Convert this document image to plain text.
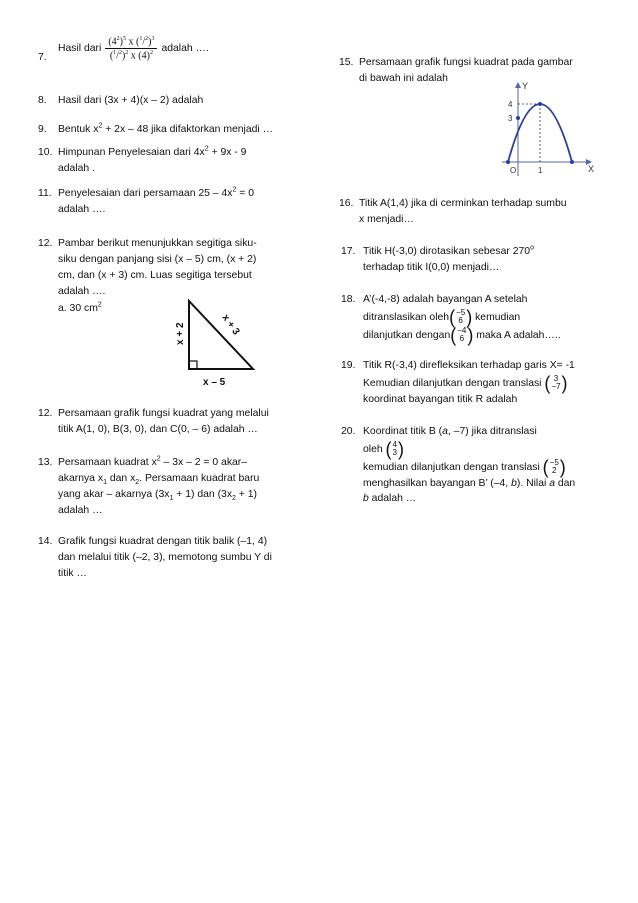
7.
Hasil dari $\frac{(4^2)^5 x (^1/^2)^3}{(^1/^2)^2 x (4)^2}$ adalah ….
8. Hasil dari (3x + 4)(x – 2) adalah
9. Bentuk $x^2 + 2x - 48$ jika difaktorkan menjadi …
10. Himpunan Penyelesaian dari $4x^2 + 9x - 9$
adalah .
11. Penyelesaian dari persamaan $25 - 4x^2 = 0$
adalah ….
12. Pambar berikut menunjukkan segitiga siku-
siku dengan panjang sisi (x – 5) cm, (x + 2)
cm, dan (x + 3) cm. Luas segitiga tersebut
adalah ….
a. 30 $cm^2$
x + 2	x + 3
x – 5
12. Persamaan grafik fungsi kuadrat yang melalui
titik A(1, 0), B(3, 0), dan C(0, – 6) adalah …
13. Persamaan kuadrat $x^2 - 3x - 2 = 0$ akar–
akarnya $x_1$ dan $x_2$. Persamaan kuadrat baru
yang akar – akarnya $(3x_1 + 1)$ dan $(3x_2 + 1)$
adalah …
14. Grafik fungsi kuadrat dengan titik balik (–1, 4)
dan melalui titik (–2, 3), memotong sumbu Y di
titik …
15. Persamaan grafik fungsi kuadrat pada gambar
di bawah ini adalah
Y
X
4
3
O	1
16. Titik A(1,4) jika di cerminkan terhadap sumbu
x menjadi…
17. Titik H(-3,0) dirotasikan sebesar 270$^o$
terhadap titik I(0,0) menjadi…
18. A’(-4,-8) adalah bayangan A setelah
ditranslasikan oleh ( −5
6 ) kemudian
dilanjutkan dengan ( −4
6 ) maka A adalah…..
19. Titik R(-3,4) direfleksikan terhadap garis X= -1
Kemudian dilanjutkan dengan translasi ( 3
−7 )
koordinat bayangan titik R adalah
20. Koordinat titik B (a, –7) jika ditranslasi
oleh ( 4
3 )
kemudian dilanjutkan dengan translasi ( −5
2 )
menghasilkan bayangan B’ (–4, b). Nilai a dan
b adalah …
